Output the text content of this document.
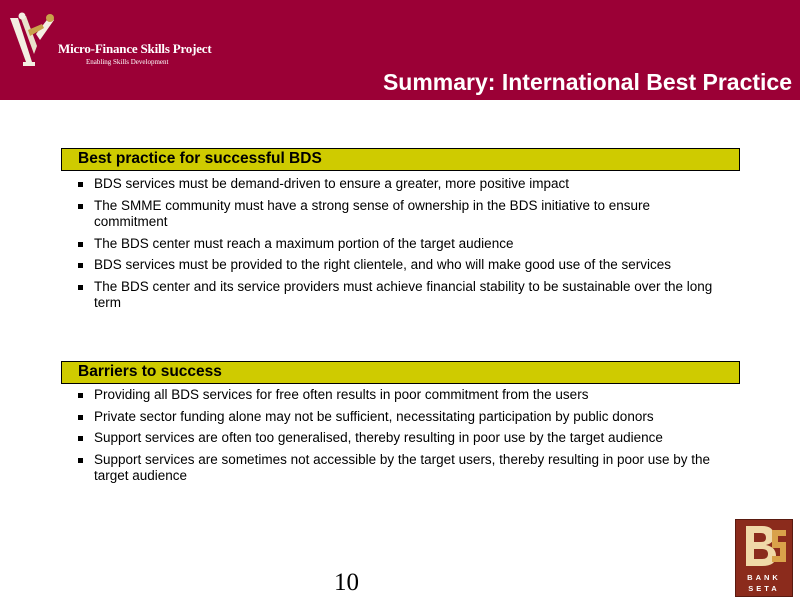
Micro-Finance Skills Project
Enabling Skills Development
Summary: International Best Practice
Best practice for successful BDS
BDS services must be demand-driven to ensure a greater, more positive impact
The SMME community must have a strong sense of ownership in the BDS initiative to ensure commitment
The BDS center must reach a maximum portion of the target audience
BDS services must be provided to the right clientele, and who will make good use of the services
The BDS center and its service providers must achieve financial stability to be sustainable over the long term
Barriers to success
Providing all BDS services for free often results in poor commitment from the users
Private sector funding alone may not be sufficient, necessitating participation by public donors
Support services are often too generalised, thereby resulting in poor use by the target audience
Support services are sometimes not accessible by the target users, thereby resulting in poor use by the target audience
10	BANK
SETA
